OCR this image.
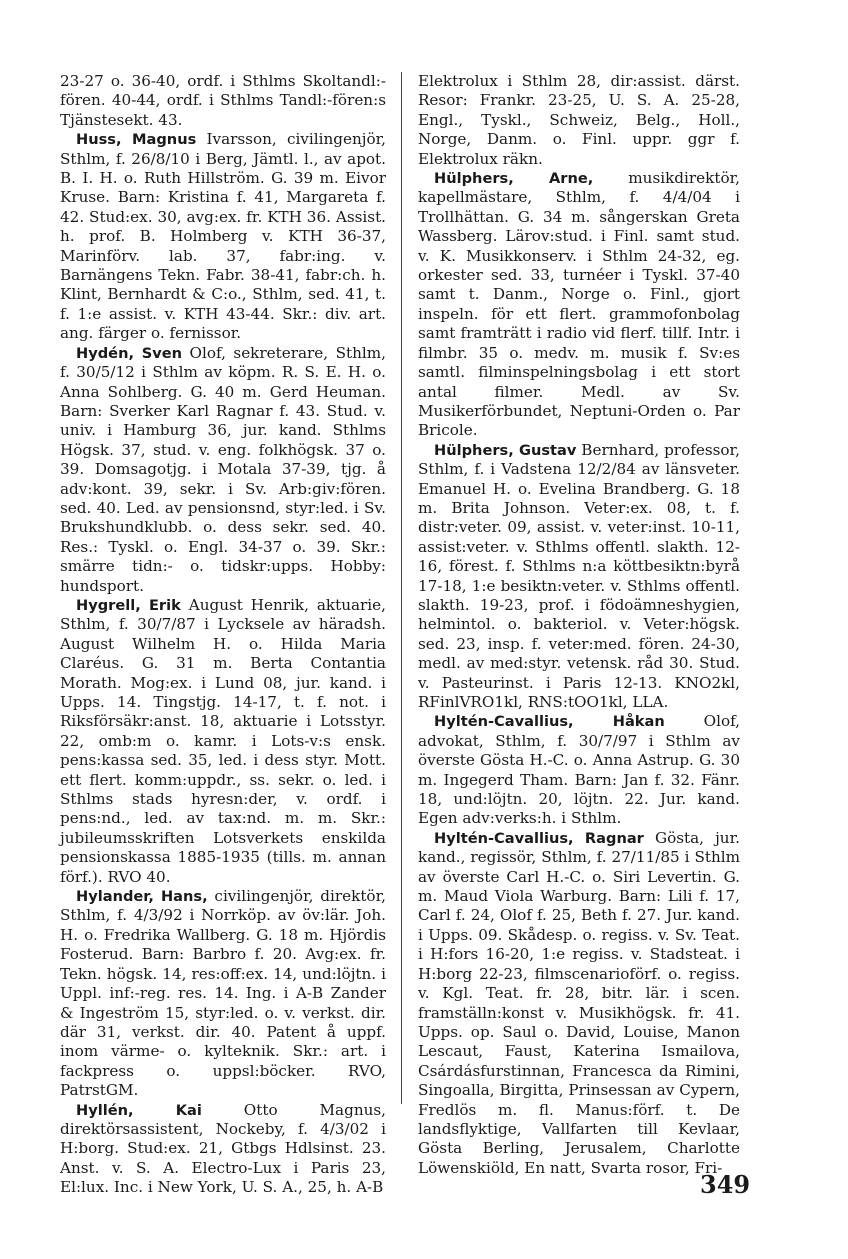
23-27 o. 36-40, ordf. i Sthlms Skoltandl:-fören. 40-44, ordf. i Sthlms Tandl:-fören:s Tjänstesekt. 43.

Huss, Magnus Ivarsson, civilingenjör, Sthlm, f. 26/8/10 i Berg, Jämtl. l., av apot. B. I. H. o. Ruth Hillström. G. 39 m. Eivor Kruse. Barn: Kristina f. 41, Margareta f. 42. Stud:ex. 30, avg:ex. fr. KTH 36. Assist. h. prof. B. Holmberg v. KTH 36-37, Marinförv. lab. 37, fabr:ing. v. Barnängens Tekn. Fabr. 38-41, fabr:ch. h. Klint, Bernhardt & C:o., Sthlm, sed. 41, t. f. 1:e assist. v. KTH 43-44. Skr.: div. art. ang. färger o. fernissor.

Hydén, Sven Olof, sekreterare, Sthlm, f. 30/5/12 i Sthlm av köpm. R. S. E. H. o. Anna Sohlberg. G. 40 m. Gerd Heuman. Barn: Sverker Karl Ragnar f. 43. Stud. v. univ. i Hamburg 36, jur. kand. Sthlms Högsk. 37, stud. v. eng. folkhögsk. 37 o. 39. Domsagotjg. i Motala 37-39, tjg. å adv:kont. 39, sekr. i Sv. Arb:giv:fören. sed. 40. Led. av pensionsnd, styr:led. i Sv. Brukshundklubb. o. dess sekr. sed. 40. Res.: Tyskl. o. Engl. 34-37 o. 39. Skr.: smärre tidn:- o. tidskr:upps. Hobby: hundsport.

Hygrell, Erik August Henrik, aktuarie, Sthlm, f. 30/7/87 i Lycksele av häradsh. August Wilhelm H. o. Hilda Maria Claréus. G. 31 m. Berta Contantia Morath. Mog:ex. i Lund 08, jur. kand. i Upps. 14. Tingstjg. 14-17, t. f. not. i Riksförsäkr:anst. 18, aktuarie i Lotsstyr. 22, omb:m o. kamr. i Lots-v:s ensk. pens:kassa sed. 35, led. i dess styr. Mott. ett flert. komm:uppdr., ss. sekr. o. led. i Sthlms stads hyresn:der, v. ordf. i pens:nd., led. av tax:nd. m. m. Skr.: jubileumsskriften Lotsverkets enskilda pensionskassa 1885-1935 (tills. m. annan förf.). RVO 40.

Hylander, Hans, civilingenjör, direktör, Sthlm, f. 4/3/92 i Norrköp. av öv:lär. Joh. H. o. Fredrika Wallberg. G. 18 m. Hjördis Fosterud. Barn: Barbro f. 20. Avg:ex. fr. Tekn. högsk. 14, res:off:ex. 14, und:löjtn. i Uppl. inf:-reg. res. 14. Ing. i A-B Zander & Ingeström 15, styr:led. o. v. verkst. dir. där 31, verkst. dir. 40. Patent å uppf. inom värme- o. kylteknik. Skr.: art. i fackpress o. uppsl:böcker. RVO, PatrstGM.

Hyllén, Kai Otto Magnus, direktörsassistent, Nockeby, f. 4/3/02 i H:borg. Stud:ex. 21, Gtbgs Hdlsinst. 23. Anst. v. S. A. Electro-Lux i Paris 23, El:lux. Inc. i New York, U. S. A., 25, h. A-B

Elektrolux i Sthlm 28, dir:assist. därst. Resor: Frankr. 23-25, U. S. A. 25-28, Engl., Tyskl., Schweiz, Belg., Holl., Norge, Danm. o. Finl. uppr. ggr f. Elektrolux räkn.

Hülphers, Arne, musikdirektör, kapellmästare, Sthlm, f. 4/4/04 i Trollhättan. G. 34 m. sångerskan Greta Wassberg. Lärov:stud. i Finl. samt stud. v. K. Musikkonserv. i Sthlm 24-32, eg. orkester sed. 33, turnéer i Tyskl. 37-40 samt t. Danm., Norge o. Finl., gjort inspeln. för ett flert. grammofonbolag samt framträtt i radio vid flerf. tillf. Intr. i filmbr. 35 o. medv. m. musik f. Sv:es samtl. filminspelningsbolag i ett stort antal filmer. Medl. av Sv. Musikerförbundet, Neptuni-Orden o. Par Bricole.

Hülphers, Gustav Bernhard, professor, Sthlm, f. i Vadstena 12/2/84 av länsveter. Emanuel H. o. Evelina Brandberg. G. 18 m. Brita Johnson. Veter:ex. 08, t. f. distr:veter. 09, assist. v. veter:inst. 10-11, assist:veter. v. Sthlms offentl. slakth. 12-16, förest. f. Sthlms n:a köttbesiktn:byrå 17-18, 1:e besiktn:veter. v. Sthlms offentl. slakth. 19-23, prof. i födoämneshygien, helmintol. o. bakteriol. v. Veter:högsk. sed. 23, insp. f. veter:med. fören. 24-30, medl. av med:styr. vetensk. råd 30. Stud. v. Pasteurinst. i Paris 12-13. KNO2kl, RFinlVRO1kl, RNS:tOO1kl, LLA.

Hyltén-Cavallius, Håkan Olof, advokat, Sthlm, f. 30/7/97 i Sthlm av överste Gösta H.-C. o. Anna Astrup. G. 30 m. Ingegerd Tham. Barn: Jan f. 32. Fänr. 18, und:löjtn. 20, löjtn. 22. Jur. kand. Egen adv:verks:h. i Sthlm.

Hyltén-Cavallius, Ragnar Gösta, jur. kand., regissör, Sthlm, f. 27/11/85 i Sthlm av överste Carl H.-C. o. Siri Levertin. G. m. Maud Viola Warburg. Barn: Lili f. 17, Carl f. 24, Olof f. 25, Beth f. 27. Jur. kand. i Upps. 09. Skådesp. o. regiss. v. Sv. Teat. i H:fors 16-20, 1:e regiss. v. Stadsteat. i H:borg 22-23, filmscenarioförf. o. regiss. v. Kgl. Teat. fr. 28, bitr. lär. i scen. framställn:konst v. Musikhögsk. fr. 41. Upps. op. Saul o. David, Louise, Manon Lescaut, Faust, Katerina Ismailova, Csárdásfurstinnan, Francesca da Rimini, Singoalla, Birgitta, Prinsessan av Cypern, Fredlös m. fl. Manus:förf. t. De landsflyktige, Vallfarten till Kevlaar, Gösta Berling, Jerusalem, Charlotte Löwenskiöld, En natt, Svarta rosor, Fri-

349
